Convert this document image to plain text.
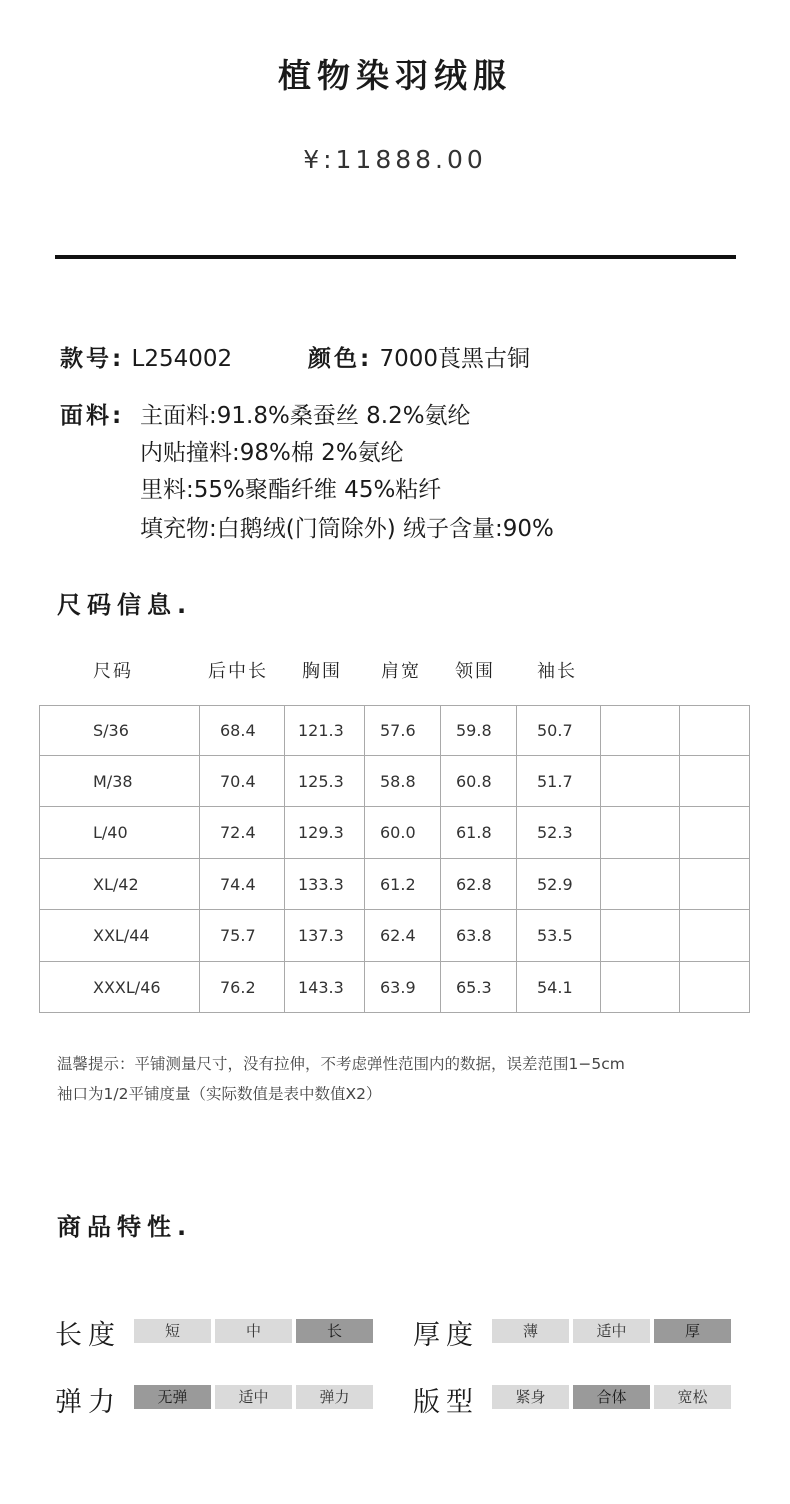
植物染羽绒服
¥:11888.00
款号: L254002	颜色: 7000莨黑古铜
面料: 主面料:91.8%桑蚕丝 8.2%氨纶
内贴撞料:98%棉 2%氨纶
里料:55%聚酯纤维 45%粘纤
填充物:白鹅绒(门筒除外) 绒子含量:90%
尺码信息.
尺码	后中长 胸围 肩宽 领围 袖长
S/36	68.4	121.3	57.6	59.8	50.7		
M/38	70.4	125.3	58.8	60.8	51.7		
L/40	72.4	129.3	60.0	61.8	52.3		
XL/42	74.4	133.3	61.2	62.8	52.9		
XXL/44	75.7	137.3	62.4	63.8	53.5		
XXXL/46	76.2	143.3	63.9	65.3	54.1		
温馨提示：平铺测量尺寸，没有拉伸，不考虑弹性范围内的数据，误差范围1−5cm
袖口为1/2平铺度量（实际数值是表中数值X2）
商品特性.
长度	短	中	长	厚度	薄	适中	厚
弹力	无弹	适中	弹力	版型	紧身	合体	宽松
